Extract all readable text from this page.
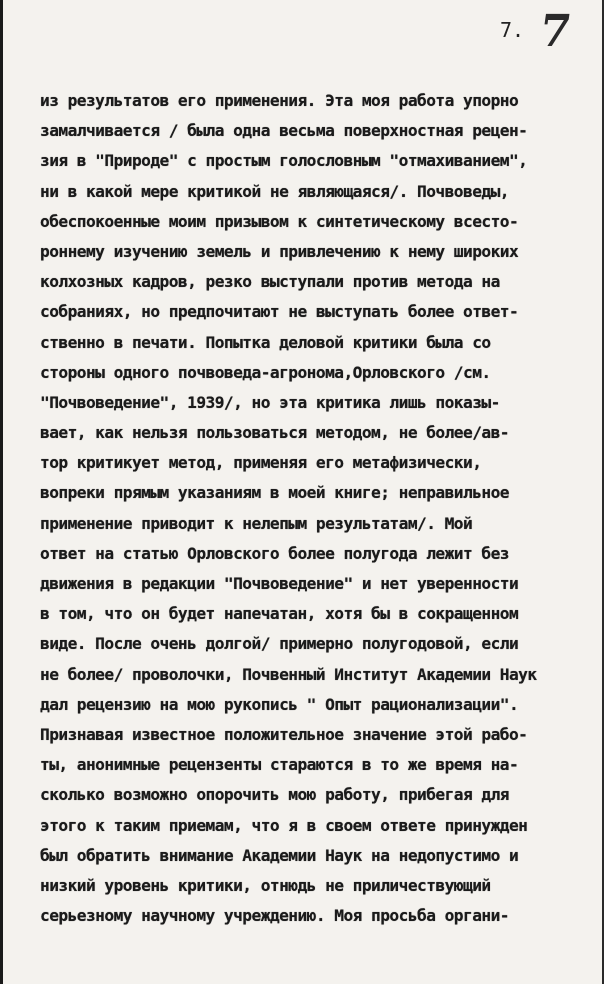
7. 7
из результатов его применения. Эта моя работа упорно
замалчивается / была одна весьма поверхностная рецен-
зия в "Природе" с простым голословным "отмахиванием",
ни в какой мере критикой не являющаяся/. Почвоведы,
обеспокоенные моим призывом к синтетическому всесто-
роннему изучению земель и привлечению к нему широких
колхозных кадров, резко выступали против метода на
собраниях, но предпочитают не выступать более ответ-
ственно в печати. Попытка деловой критики была со
стороны одного почвоведа-агронома,Орловского /см.
"Почвоведение", 1939/, но эта критика лишь показы-
вает, как нельзя пользоваться методом, не более/ав-
тор критикует метод, применяя его метафизически,
вопреки прямым указаниям в моей книге; неправильное
применение приводит к нелепым результатам/. Мой
ответ на статью Орловского более полугода лежит без
движения в редакции "Почвоведение" и нет уверенности
в том, что он будет напечатан, хотя бы в сокращенном
виде. После очень долгой/ примерно полугодовой, если
не более/ проволочки, Почвенный Институт Академии Наук
дал рецензию на мою рукопись " Опыт рационализации".
Признавая известное положительное значение этой рабо-
ты, анонимные рецензенты стараются в то же время на-
сколько возможно опорочить мою работу, прибегая для
этого к таким приемам, что я в своем ответе принужден
был обратить внимание Академии Наук на недопустимо и
низкий уровень критики, отнюдь не приличествующий
серьезному научному учреждению. Моя просьба органи-
